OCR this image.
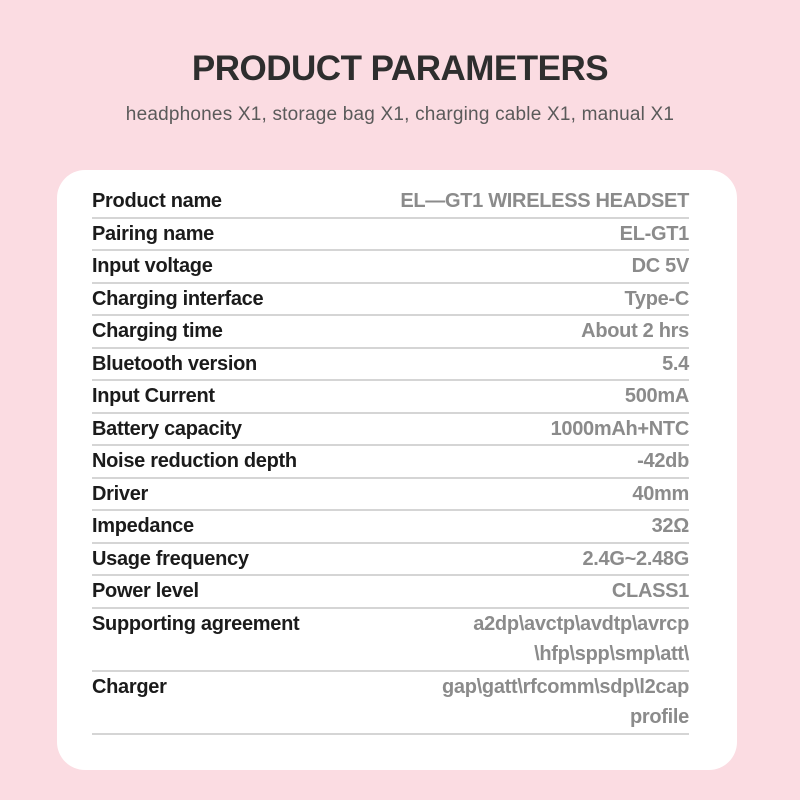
PRODUCT PARAMETERS
headphones X1, storage bag X1, charging cable X1, manual X1
Product name	EL—GT1 WIRELESS HEADSET
Pairing name	EL-GT1
Input voltage	DC 5V
Charging interface	Type-C
Charging time	About 2 hrs
Bluetooth version	5.4
Input Current	500mA
Battery capacity	1000mAh+NTC
Noise reduction depth	-42db
Driver	40mm
Impedance	32Ω
Usage frequency	2.4G~2.48G
Power level	CLASS1
Supporting agreement	a2dp\avctp\avdtp\avrcp
\hfp\spp\smp\att\
Charger	gap\gatt\rfcomm\sdp\l2cap
profile
